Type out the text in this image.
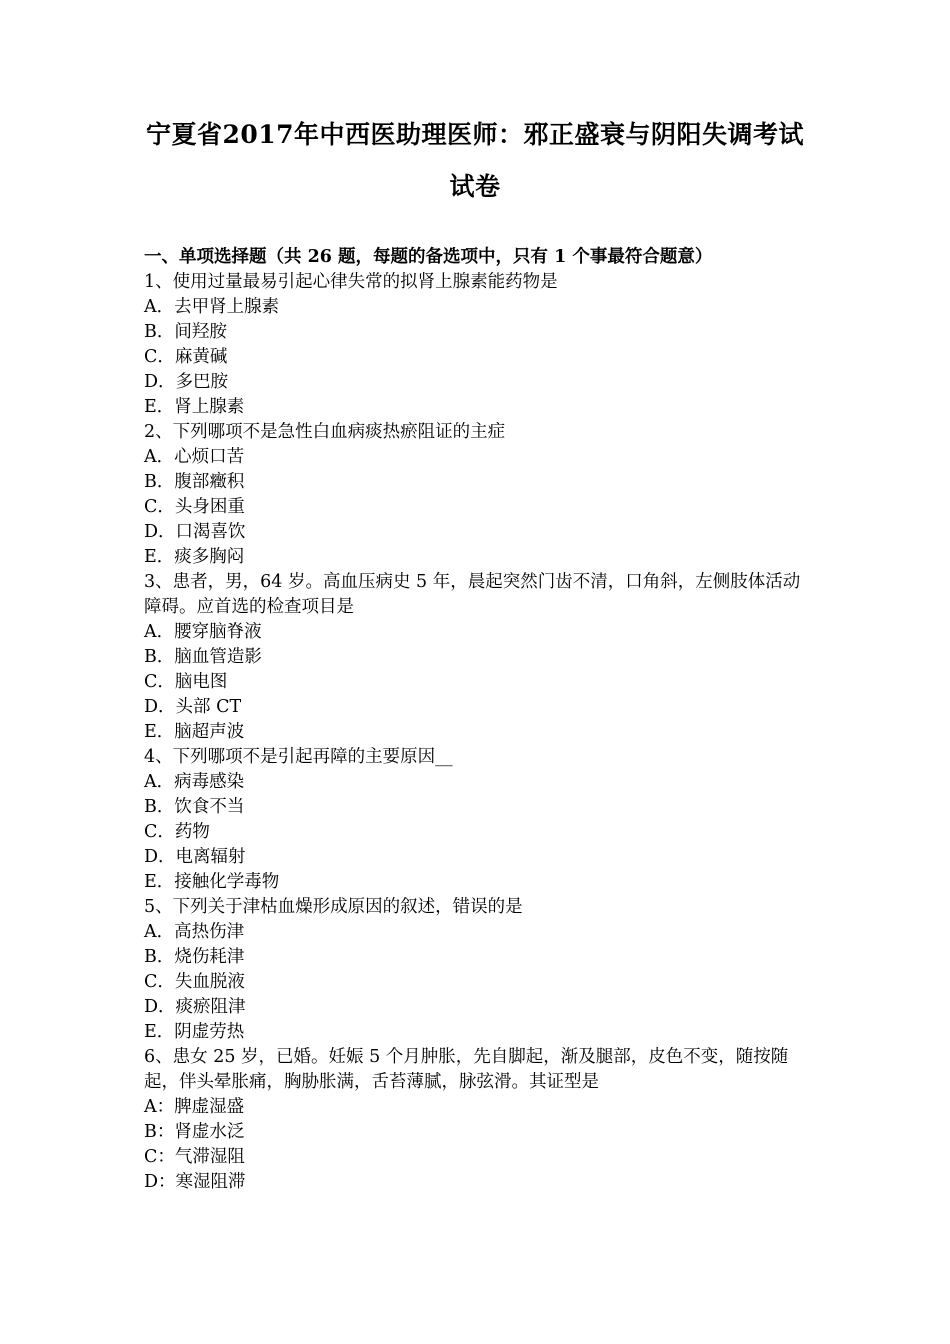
宁夏省2017年中西医助理医师：邪正盛衰与阴阳失调考试
试卷
一、单项选择题（共 26 题，每题的备选项中，只有 1 个事最符合题意）
1、使用过量最易引起心律失常的拟肾上腺素能药物是
A．去甲肾上腺素
B．间羟胺
C．麻黄碱
D．多巴胺
E．肾上腺素
2、下列哪项不是急性白血病痰热瘀阻证的主症
A．心烦口苦
B．腹部癥积
C．头身困重
D．口渴喜饮
E．痰多胸闷
3、患者，男，64 岁。高血压病史 5 年，晨起突然门齿不清，口角斜，左侧肢体活动障碍。应首选的检查项目是
A．腰穿脑脊液
B．脑血管造影
C．脑电图
D．头部 CT
E．脑超声波
4、下列哪项不是引起再障的主要原因__
A．病毒感染
B．饮食不当
C．药物
D．电离辐射
E．接触化学毒物
5、下列关于津枯血燥形成原因的叙述，错误的是
A．高热伤津
B．烧伤耗津
C．失血脱液
D．痰瘀阻津
E．阴虚劳热
6、患女 25 岁，已婚。妊娠 5 个月肿胀，先自脚起，渐及腿部，皮色不变，随按随起，伴头晕胀痛，胸胁胀满，舌苔薄腻，脉弦滑。其证型是
A：脾虚湿盛
B：肾虚水泛
C：气滞湿阻
D：寒湿阻滞
